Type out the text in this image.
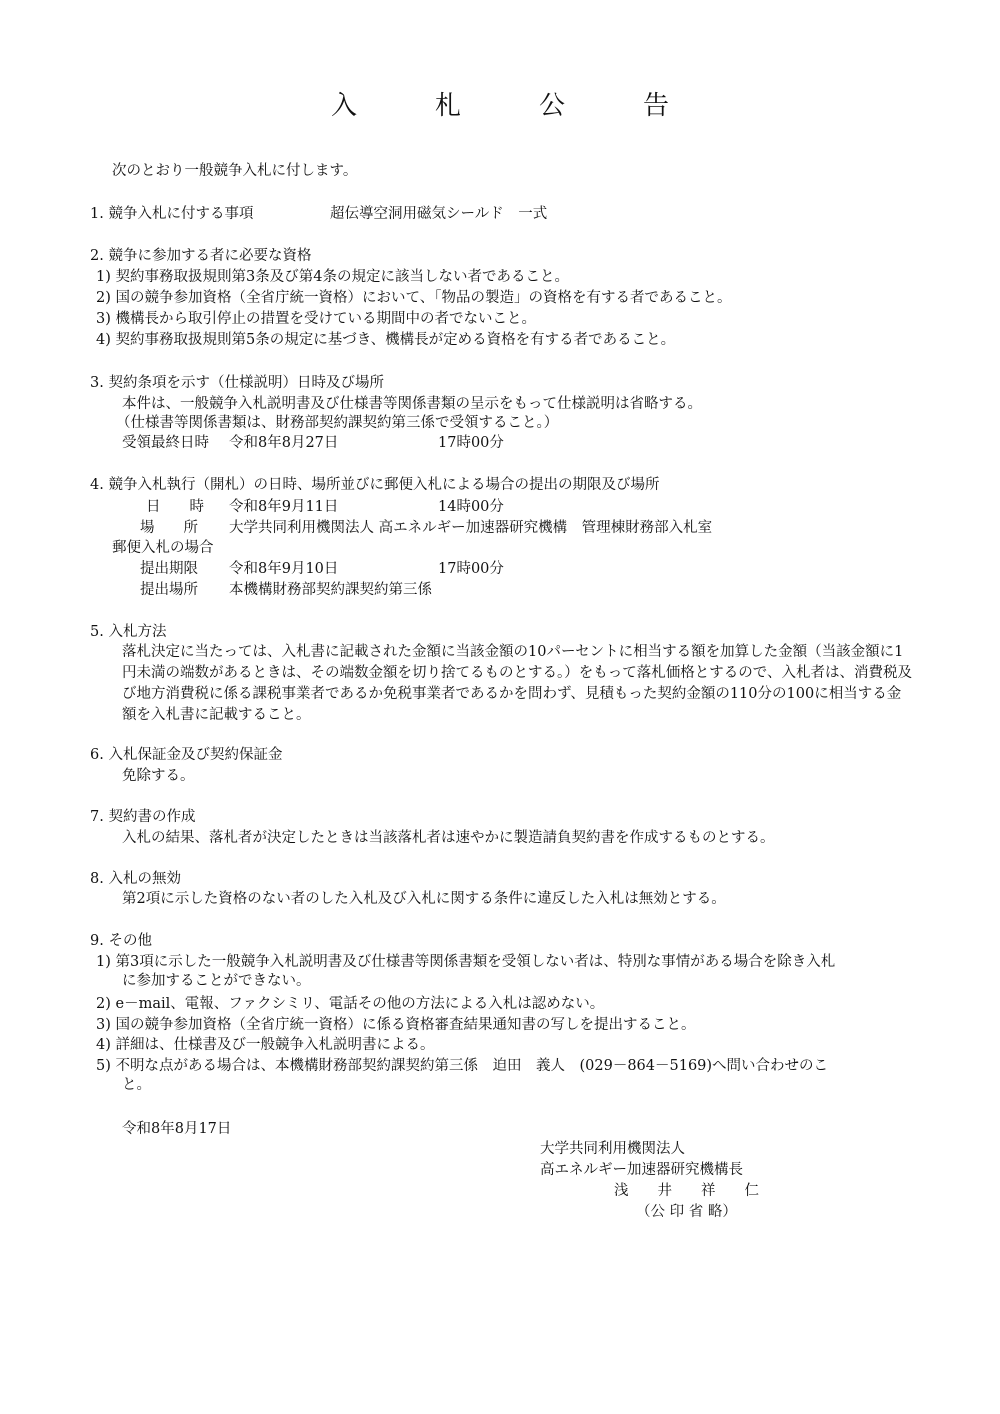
入　札　公　告
次のとおり一般競争入札に付します。
1. 競争入札に付する事項	超伝導空洞用磁気シールド　一式
2. 競争に参加する者に必要な資格
1) 契約事務取扱規則第3条及び第4条の規定に該当しない者であること。
2) 国の競争参加資格（全省庁統一資格）において、「物品の製造」の資格を有する者であること。
3) 機構長から取引停止の措置を受けている期間中の者でないこと。
4) 契約事務取扱規則第5条の規定に基づき、機構長が定める資格を有する者であること。
3. 契約条項を示す（仕様説明）日時及び場所
本件は、一般競争入札説明書及び仕様書等関係書類の呈示をもって仕様説明は省略する。
（仕様書等関係書類は、財務部契約課契約第三係で受領すること。）
受領最終日時 令和8年8月27日	17時00分
4. 競争入札執行（開札）の日時、場所並びに郵便入札による場合の提出の期限及び場所
日　　時 令和8年9月11日	14時00分
場　　所 大学共同利用機関法人 高エネルギー加速器研究機構　管理棟財務部入札室
郵便入札の場合
提出期限 令和8年9月10日	17時00分
提出場所 本機構財務部契約課契約第三係
5. 入札方法
落札決定に当たっては、入札書に記載された金額に当該金額の10パーセントに相当する額を加算した金額（当該金額に1円未満の端数があるときは、その端数金額を切り捨てるものとする。）をもって落札価格とするので、入札者は、消費税及び地方消費税に係る課税事業者であるか免税事業者であるかを問わず、見積もった契約金額の110分の100に相当する金額を入札書に記載すること。
6. 入札保証金及び契約保証金
免除する。
7. 契約書の作成
入札の結果、落札者が決定したときは当該落札者は速やかに製造請負契約書を作成するものとする。
8. 入札の無効
第2項に示した資格のない者のした入札及び入札に関する条件に違反した入札は無効とする。
9. その他
1) 第3項に示した一般競争入札説明書及び仕様書等関係書類を受領しない者は、特別な事情がある場合を除き入札
に参加することができない。
2) e－mail、電報、ファクシミリ、電話その他の方法による入札は認めない。
3) 国の競争参加資格（全省庁統一資格）に係る資格審査結果通知書の写しを提出すること。
4) 詳細は、仕様書及び一般競争入札説明書による。
5) 不明な点がある場合は、本機構財務部契約課契約第三係　迫田　義人　(029－864－5169)へ問い合わせのこ
と。
令和8年8月17日
大学共同利用機関法人
高エネルギー加速器研究機構長
浅　　井　　祥　　仁
（公 印 省 略）
